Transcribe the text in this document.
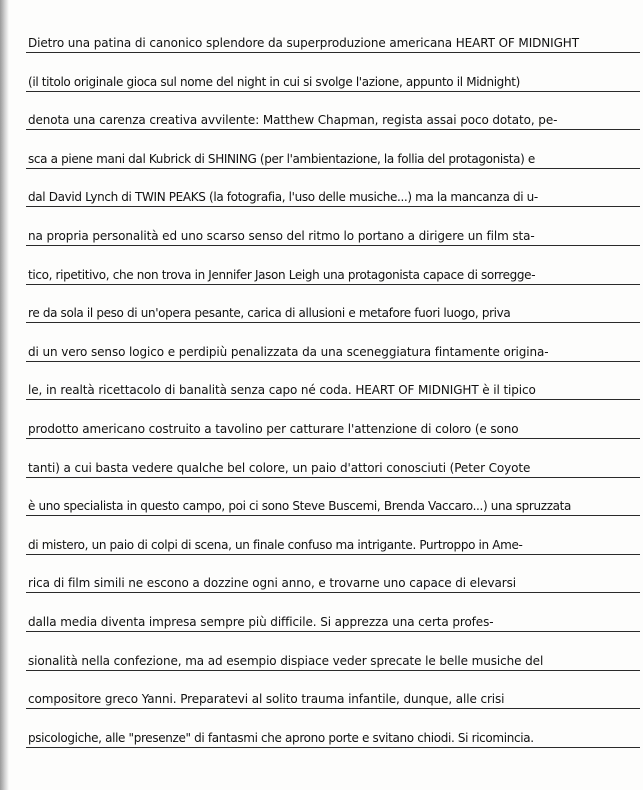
Dietro una patina di canonico splendore da superproduzione americana HEART OF MIDNIGHT
(il titolo originale gioca sul nome del night in cui si svolge l'azione, appunto il Midnight)
denota una carenza creativa avvilente: Matthew Chapman, regista assai poco dotato, pe-
sca a piene mani dal Kubrick di SHINING (per l'ambientazione, la follia del protagonista) e
dal David Lynch di TWIN PEAKS (la fotografia, l'uso delle musiche...) ma la mancanza di u-
na propria personalità ed uno scarso senso del ritmo lo portano a dirigere un film sta-
tico, ripetitivo, che non trova in Jennifer Jason Leigh una protagonista capace di sorregge-
re da sola il peso di un'opera pesante, carica di allusioni e metafore fuori luogo, priva
di un vero senso logico e perdipiù penalizzata da una sceneggiatura fintamente origina-
le, in realtà ricettacolo di banalità senza capo né coda. HEART OF MIDNIGHT è il tipico
prodotto americano costruito a tavolino per catturare l'attenzione di coloro (e sono
tanti) a cui basta vedere qualche bel colore, un paio d'attori conosciuti (Peter Coyote
è uno specialista in questo campo, poi ci sono Steve Buscemi, Brenda Vaccaro...) una spruzzata
di mistero, un paio di colpi di scena, un finale confuso ma intrigante. Purtroppo in Ame-
rica di film simili ne escono a dozzine ogni anno, e trovarne uno capace di elevarsi
dalla media diventa impresa sempre più difficile. Si apprezza una certa profes-
sionalità nella confezione, ma ad esempio dispiace veder sprecate le belle musiche del
compositore greco Yanni. Preparatevi al solito trauma infantile, dunque, alle crisi
psicologiche, alle "presenze" di fantasmi che aprono porte e svitano chiodi. Si ricomincia.
